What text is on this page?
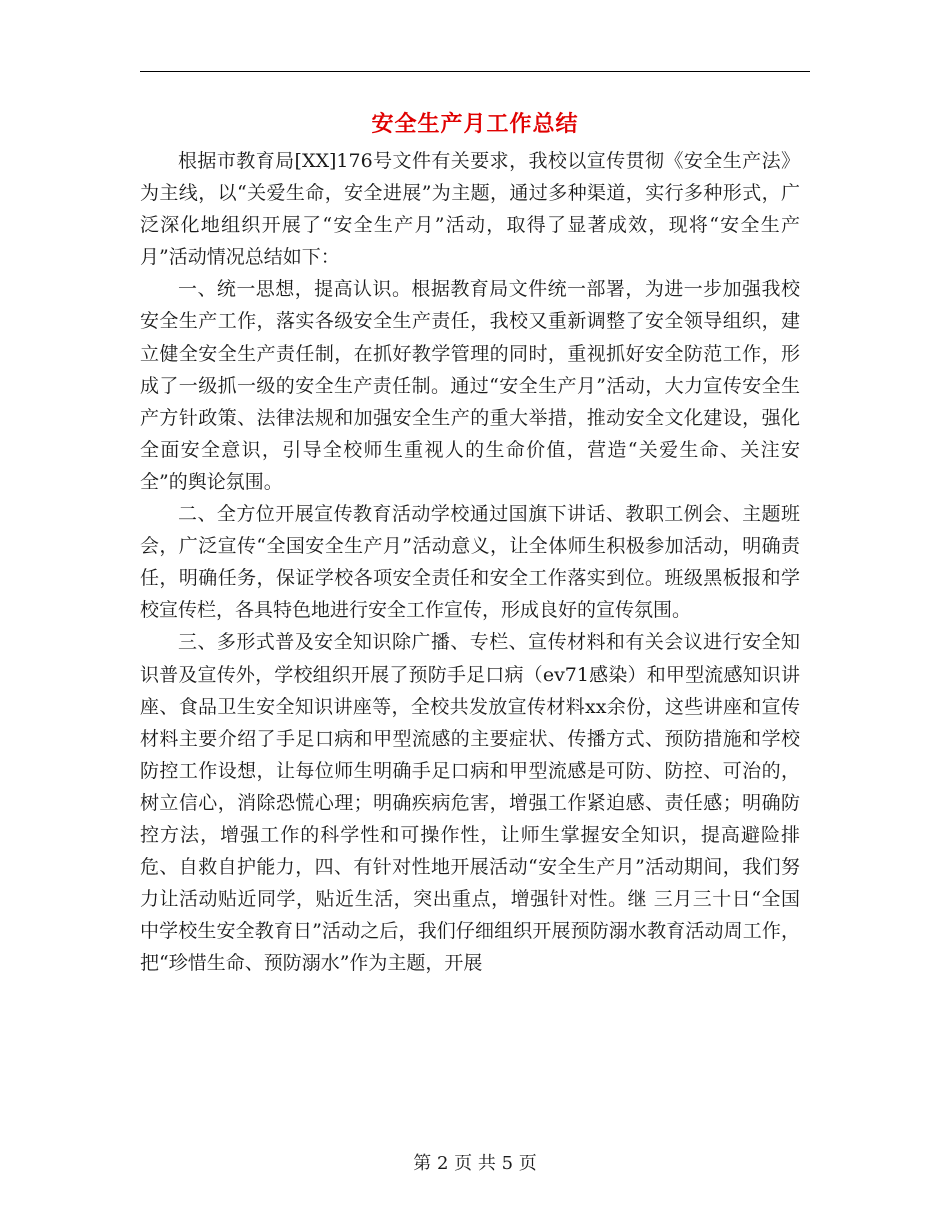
安全生产月工作总结

根据市教育局[XX]176号文件有关要求，我校以宣传贯彻《安全生产法》为主线，以“关爱生命，安全进展”为主题，通过多种渠道，实行多种形式，广泛深化地组织开展了“安全生产月”活动，取得了显著成效，现将“安全生产月”活动情况总结如下：

一、统一思想，提高认识。根据教育局文件统一部署，为进一步加强我校安全生产工作，落实各级安全生产责任，我校又重新调整了安全领导组织，建立健全安全生产责任制，在抓好教学管理的同时，重视抓好安全防范工作，形成了一级抓一级的安全生产责任制。通过“安全生产月”活动，大力宣传安全生产方针政策、法律法规和加强安全生产的重大举措，推动安全文化建设，强化全面安全意识，引导全校师生重视人的生命价值，营造“关爱生命、关注安全”的舆论氛围。

二、全方位开展宣传教育活动学校通过国旗下讲话、教职工例会、主题班会，广泛宣传“全国安全生产月”活动意义，让全体师生积极参加活动，明确责任，明确任务，保证学校各项安全责任和安全工作落实到位。班级黑板报和学校宣传栏，各具特色地进行安全工作宣传，形成良好的宣传氛围。

三、多形式普及安全知识除广播、专栏、宣传材料和有关会议进行安全知识普及宣传外，学校组织开展了预防手足口病（ev71感染）和甲型流感知识讲座、食品卫生安全知识讲座等，全校共发放宣传材料xx余份，这些讲座和宣传材料主要介绍了手足口病和甲型流感的主要症状、传播方式、预防措施和学校防控工作设想，让每位师生明确手足口病和甲型流感是可防、防控、可治的，树立信心，消除恐慌心理；明确疾病危害，增强工作紧迫感、责任感；明确防控方法，增强工作的科学性和可操作性，让师生掌握安全知识，提高避险排危、自救自护能力，四、有针对性地开展活动“安全生产月”活动期间，我们努力让活动贴近同学，贴近生活，突出重点，增强针对性。继 三月三十日“全国中学校生安全教育日”活动之后，我们仔细组织开展预防溺水教育活动周工作，把“珍惜生命、预防溺水”作为主题，开展

第 2 页 共 5 页
